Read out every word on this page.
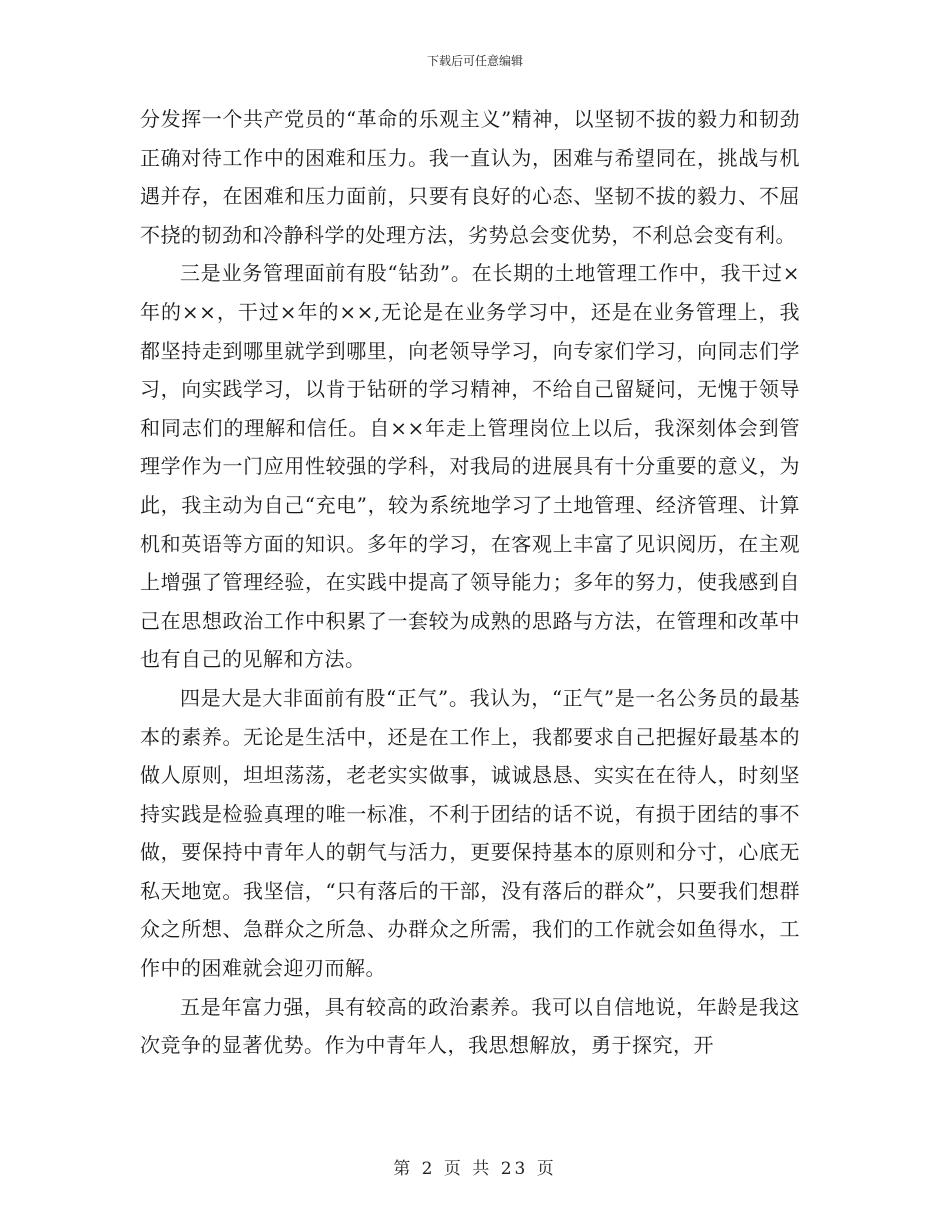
下载后可任意编辑

分发挥一个共产党员的“革命的乐观主义”精神，以坚韧不拔的毅力和韧劲正确对待工作中的困难和压力。我一直认为，困难与希望同在，挑战与机遇并存，在困难和压力面前，只要有良好的心态、坚韧不拔的毅力、不屈不挠的韧劲和冷静科学的处理方法，劣势总会变优势，不利总会变有利。

三是业务管理面前有股“钻劲”。在长期的土地管理工作中，我干过×年的××，干过×年的××,无论是在业务学习中，还是在业务管理上，我都坚持走到哪里就学到哪里，向老领导学习，向专家们学习，向同志们学习，向实践学习，以肯于钻研的学习精神，不给自己留疑问，无愧于领导和同志们的理解和信任。自××年走上管理岗位上以后，我深刻体会到管理学作为一门应用性较强的学科，对我局的进展具有十分重要的意义，为此，我主动为自己“充电”，较为系统地学习了土地管理、经济管理、计算机和英语等方面的知识。多年的学习，在客观上丰富了见识阅历，在主观上增强了管理经验，在实践中提高了领导能力；多年的努力，使我感到自己在思想政治工作中积累了一套较为成熟的思路与方法，在管理和改革中也有自己的见解和方法。

四是大是大非面前有股“正气”。我认为，“正气”是一名公务员的最基本的素养。无论是生活中，还是在工作上，我都要求自己把握好最基本的做人原则，坦坦荡荡，老老实实做事，诚诚恳恳、实实在在待人，时刻坚持实践是检验真理的唯一标准，不利于团结的话不说，有损于团结的事不做，要保持中青年人的朝气与活力，更要保持基本的原则和分寸，心底无私天地宽。我坚信，“只有落后的干部，没有落后的群众”，只要我们想群众之所想、急群众之所急、办群众之所需，我们的工作就会如鱼得水，工作中的困难就会迎刃而解。

五是年富力强，具有较高的政治素养。我可以自信地说，年龄是我这次竞争的显著优势。作为中青年人，我思想解放，勇于探究，开

第 2 页 共 23 页
